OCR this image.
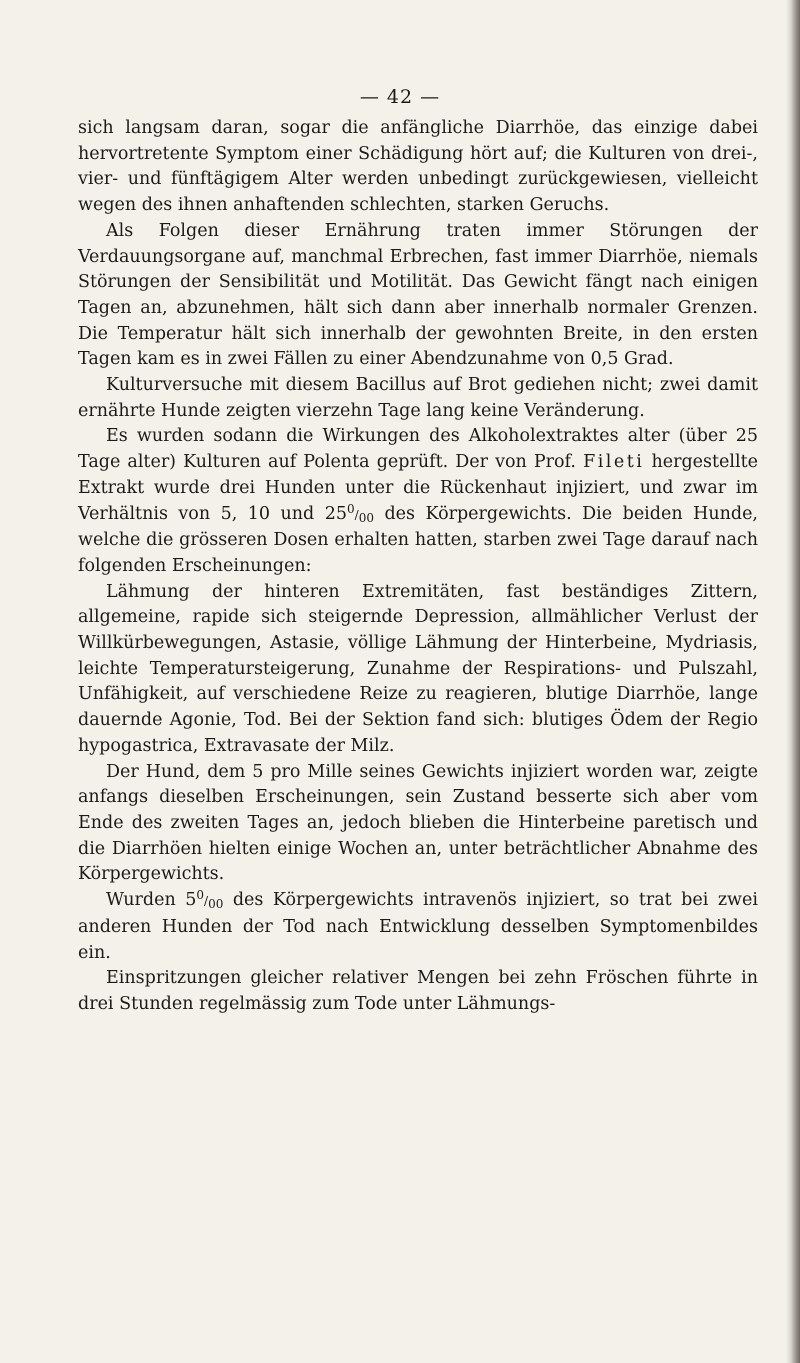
— 42 —

sich langsam daran, sogar die anfängliche Diarrhöe, das einzige dabei hervortretente Symptom einer Schädigung hört auf; die Kulturen von drei-, vier- und fünftägigem Alter werden unbedingt zurückgewiesen, vielleicht wegen des ihnen anhaftenden schlechten, starken Geruchs.

Als Folgen dieser Ernährung traten immer Störungen der Verdauungsorgane auf, manchmal Erbrechen, fast immer Diarrhöe, niemals Störungen der Sensibilität und Motilität. Das Gewicht fängt nach einigen Tagen an, abzunehmen, hält sich dann aber innerhalb normaler Grenzen. Die Temperatur hält sich innerhalb der gewohnten Breite, in den ersten Tagen kam es in zwei Fällen zu einer Abendzunahme von 0,5 Grad.

Kulturversuche mit diesem Bacillus auf Brot gediehen nicht; zwei damit ernährte Hunde zeigten vierzehn Tage lang keine Veränderung.

Es wurden sodann die Wirkungen des Alkoholextraktes alter (über 25 Tage alter) Kulturen auf Polenta geprüft. Der von Prof. Fileti hergestellte Extrakt wurde drei Hunden unter die Rückenhaut injiziert, und zwar im Verhältnis von 5, 10 und 250/00 des Körpergewichts. Die beiden Hunde, welche die grösseren Dosen erhalten hatten, starben zwei Tage darauf nach folgenden Erscheinungen:

Lähmung der hinteren Extremitäten, fast beständiges Zittern, allgemeine, rapide sich steigernde Depression, allmählicher Verlust der Willkürbewegungen, Astasie, völlige Lähmung der Hinterbeine, Mydriasis, leichte Temperatursteigerung, Zunahme der Respirations- und Pulszahl, Unfähigkeit, auf verschiedene Reize zu reagieren, blutige Diarrhöe, lange dauernde Agonie, Tod. Bei der Sektion fand sich: blutiges Ödem der Regio hypogastrica, Extravasate der Milz.

Der Hund, dem 5 pro Mille seines Gewichts injiziert worden war, zeigte anfangs dieselben Erscheinungen, sein Zustand besserte sich aber vom Ende des zweiten Tages an, jedoch blieben die Hinterbeine paretisch und die Diarrhöen hielten einige Wochen an, unter beträchtlicher Abnahme des Körpergewichts.

Wurden 50/00 des Körpergewichts intravenös injiziert, so trat bei zwei anderen Hunden der Tod nach Entwicklung desselben Symptomenbildes ein.

Einspritzungen gleicher relativer Mengen bei zehn Fröschen führte in drei Stunden regelmässig zum Tode unter Lähmungs-
